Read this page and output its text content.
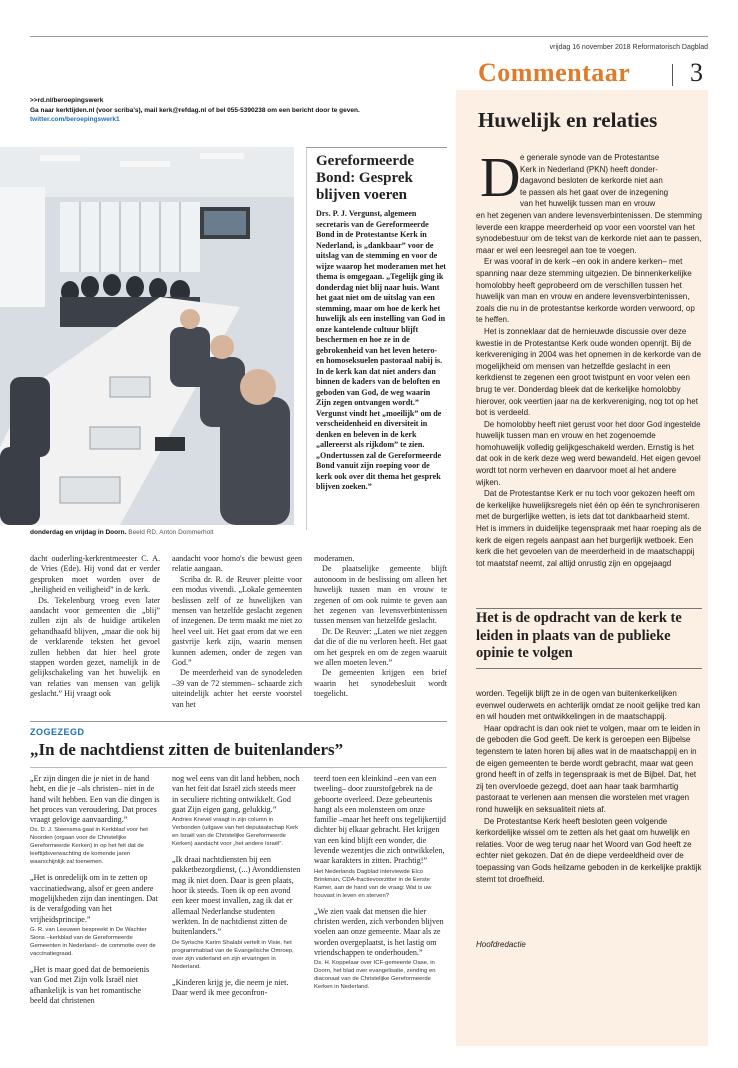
vrijdag 16 november 2018 Reformatorisch Dagblad
Commentaar 3
>>rd.nl/beroepingswerk
Ga naar kerktijden.nl (voor scriba's), mail kerk@refdag.nl of bel 055-5390238 om een bericht door te geven.
twitter.com/beroepingswerk1
donderdag en vrijdag in Doorn. Beeld RD, Anton Dommerholt
Gereformeerde Bond: Gesprek blijven voeren

Drs. P. J. Vergunst, algemeen secretaris van de Gereformeerde Bond in de Protestantse Kerk in Nederland, is „dankbaar” voor de uitslag van de stemming en voor de wijze waarop het moderamen met het thema is omgegaan. „Tegelijk ging ik donderdag niet blij naar huis. Want het gaat niet om de uitslag van een stemming, maar om hoe de kerk het huwelijk als een instelling van God in onze kantelende cultuur blijft beschermen en hoe ze in de gebrokenheid van het leven hetero- en homoseksuelen pastoraal nabij is. In de kerk kan dat niet anders dan binnen de kaders van de beloften en geboden van God, de weg waarin Zijn zegen ontvangen wordt.”

Vergunst vindt het „moeilijk” om de verscheidenheid en diversiteit in denken en beleven in de kerk „allereerst als rijkdom” te zien. „Ondertussen zal de Gereformeerde Bond vanuit zijn roeping voor de kerk ook over dit thema het gesprek blijven zoeken.”

dacht ouderling-kerkrentmeester C. A. de Vries (Ede). Hij vond dat er verder gesproken moet worden over de „heiligheid en veiligheid” in de kerk.

Ds. Tekelenburg vroeg even later aandacht voor gemeenten die „blij” zullen zijn als de huidige artikelen gehandhaafd blijven, „maar die ook bij de verklarende teksten het gevoel zullen hebben dat hier heel grote stappen worden gezet, namelijk in de gelijkschakeling van het huwelijk en van relaties van mensen van gelijk geslacht.” Hij vraagt ook

aandacht voor homo's die bewust geen relatie aangaan.

Scriba dr. R. de Reuver pleitte voor een modus vivendi. „Lokale gemeenten beslissen zelf of ze huwelijken van mensen van hetzelfde geslacht zegenen of inzegenen. De term maakt me niet zo heel veel uit. Het gaat erom dat we een gastvrije kerk zijn, waarin mensen kunnen ademen, onder de zegen van God.”

De meerderheid van de synodeleden –39 van de 72 stemmen– schaarde zich uiteindelijk achter het eerste voorstel van het

moderamen.

De plaatselijke gemeente blijft autonoom in de beslissing om alleen het huwelijk tussen man en vrouw te zegenen of om ook ruimte te geven aan het zegenen van levensverbintenissen tussen mensen van hetzelfde geslacht.

Dr. De Reuver: „Laten we niet zeggen dat die of die nu verloren heeft. Het gaat om het gesprek en om de zegen waaruit we allen moeten leven.”

De gemeenten krijgen een brief waarin het synodebesluit wordt toegelicht.

ZOGEZEGD
„In de nachtdienst zitten de buitenlanders”
„Er zijn dingen die je niet in de hand hebt, en die je –als christen– niet in de hand wilt hebben. Een van die dingen is het proces van veroudering. Dat proces vraagt gelovige aanvaarding.”
Ds. D. J. Steensma gaat in Kerkblad voor het Noorden (orgaan voor de Christelijke Gereformeerde Kerken) in op het feit dat de leeftijdsverwachting de komende jaren waarschijnlijk zal toenemen.
„Het is onredelijk om in te zetten op vaccinatiedwang, alsof er geen andere mogelijkheden zijn dan inentingen. Dat is de verafgoding van het vrijheidsprincipe.”
G. R. van Leeuwen bespreekt in De Wachter Sions –kerkblad van de Gereformeerde Gemeenten in Nederland– de commotie over de vaccinatiegraad.
„Het is maar goed dat de bemoeienis van God met Zijn volk Israël niet afhankelijk is van het romantische beeld dat christenen
nog wel eens van dit land hebben, noch van het feit dat Israël zich steeds meer in seculiere richting ontwikkelt. God gaat Zijn eigen gang, gelukkig.”
Andries Knevel vraagt in zijn column in Verbonden (uitgave van het deputaatschap Kerk en Israël van de Christelijke Gereformeerde Kerken) aandacht voor „het andere Israël”.
„Ik draai nachtdiensten bij een pakketbezorgdienst, (...) Avonddiensten mag ik niet doen. Daar is geen plaats, hoor ik steeds. Toen ik op een avond een keer moest invallen, zag ik dat er allemaal Nederlandse studenten werkten. In de nachtdienst zitten de buitenlanders.”
De Syrische Karim Shalabi vertelt in Visie, het programmablad van de Evangelische Omroep, over zijn vaderland en zijn ervaringen in Nederland.
„Kinderen krijg je, die neem je niet. Daar werd ik mee geconfron-
teerd toen een kleinkind –een van een tweeling– door zuurstofgebrek na de geboorte overleed. Deze gebeurtenis hangt als een molensteen om onze familie –maar het heeft ons tegelijkertijd dichter bij elkaar gebracht. Het krijgen van een kind blijft een wonder, die levende wezentjes die zich ontwikkelen, waar karakters in zitten. Prachtig!”
Het Nederlands Dagblad interviewde Elco Brinkman, CDA-fractievoorzitter in de Eerste Kamer, aan de hand van de vraag: Wat is uw houvast in leven en sterven?
„We zien vaak dat mensen die hier christen werden, zich verbonden blijven voelen aan onze gemeente. Maar als ze worden overgeplaatst, is het lastig om vriendschappen te onderhouden.”
Ds. H. Koppelaar over ICF-gemeente Oase, in Doorn, het blad over evangelisatie, zending en diaconaat van de Christelijke Gereformeerde Kerken in Nederland.
Huwelijk en relaties
D e generale synode van de Protestantse
Kerk in Nederland (PKN) heeft donder-
dagavond besloten de kerkorde niet aan
te passen als het gaat over de inzegening
van het huwelijk tussen man en vrouw

en het zegenen van andere levensverbintenissen. De stemming leverde een krappe meerderheid op voor een voorstel van het synodebestuur om de tekst van de kerkorde niet aan te passen, maar er wel een leesregel aan toe te voegen.

Er was vooraf in de kerk –en ook in andere kerken– met spanning naar deze stemming uitgezien. De binnenkerkelijke homolobby heeft geprobeerd om de verschillen tussen het huwelijk van man en vrouw en andere levensverbintenissen, zoals die nu in de protestantse kerkorde worden verwoord, op te heffen.

Het is zonneklaar dat de hernieuwde discussie over deze kwestie in de Protestantse Kerk oude wonden openrijt. Bij de kerkvereniging in 2004 was het opnemen in de kerkorde van de mogelijkheid om mensen van hetzelfde geslacht in een kerkdienst te zegenen een groot twistpunt en voor velen een brug te ver. Donderdag bleek dat de kerkelijke homolobby hierover, ook veertien jaar na de kerkvereniging, nog tot op het bot is verdeeld.

De homolobby heeft niet gerust voor het door God ingestelde huwelijk tussen man en vrouw en het zogenoemde homohuwelijk volledig gelijkgeschakeld werden. Ernstig is het dat ook in de kerk deze weg werd bewandeld. Het eigen gevoel wordt tot norm verheven en daarvoor moet al het andere wijken.

Dat de Protestantse Kerk er nu toch voor gekozen heeft om de kerkelijke huwelijksregels niet één op één te synchroniseren met de burgerlijke wetten, is iets dat tot dankbaarheid stemt. Het is immers in duidelijke tegenspraak met haar roeping als de kerk de eigen regels aanpast aan het burgerlijk wetboek. Een kerk die het gevoelen van de meerderheid in de maatschappij tot maatstaf neemt, zal altijd onrustig zijn en opgejaagd

Het is de opdracht van de kerk te leiden in plaats van de publieke opinie te volgen

worden. Tegelijk blijft ze in de ogen van buitenkerkelijken evenwel ouderwets en achterlijk omdat ze nooit gelijke tred kan en wil houden met ontwikkelingen in de maatschappij.

Haar opdracht is dan ook niet te volgen, maar om te leiden in de geboden die God geeft. De kerk is geroepen een Bijbelse tegenstem te laten horen bij alles wat in de maatschappij en in de eigen gemeenten te berde wordt gebracht, maar wat geen grond heeft in of zelfs in tegenspraak is met de Bijbel. Dat, het zij ten overvloede gezegd, doet aan haar taak barmhartig pastoraat te verlenen aan mensen die worstelen met vragen rond huwelijk en seksualiteit niets af.

De Protestantse Kerk heeft besloten geen volgende kerkordelijke wissel om te zetten als het gaat om huwelijk en relaties. Voor de weg terug naar het Woord van God heeft ze echter niet gekozen. Dat én de diepe verdeeldheid over de toepassing van Gods heilzame geboden in de kerkelijke praktijk stemt tot droefheid.

Hoofdredactie
